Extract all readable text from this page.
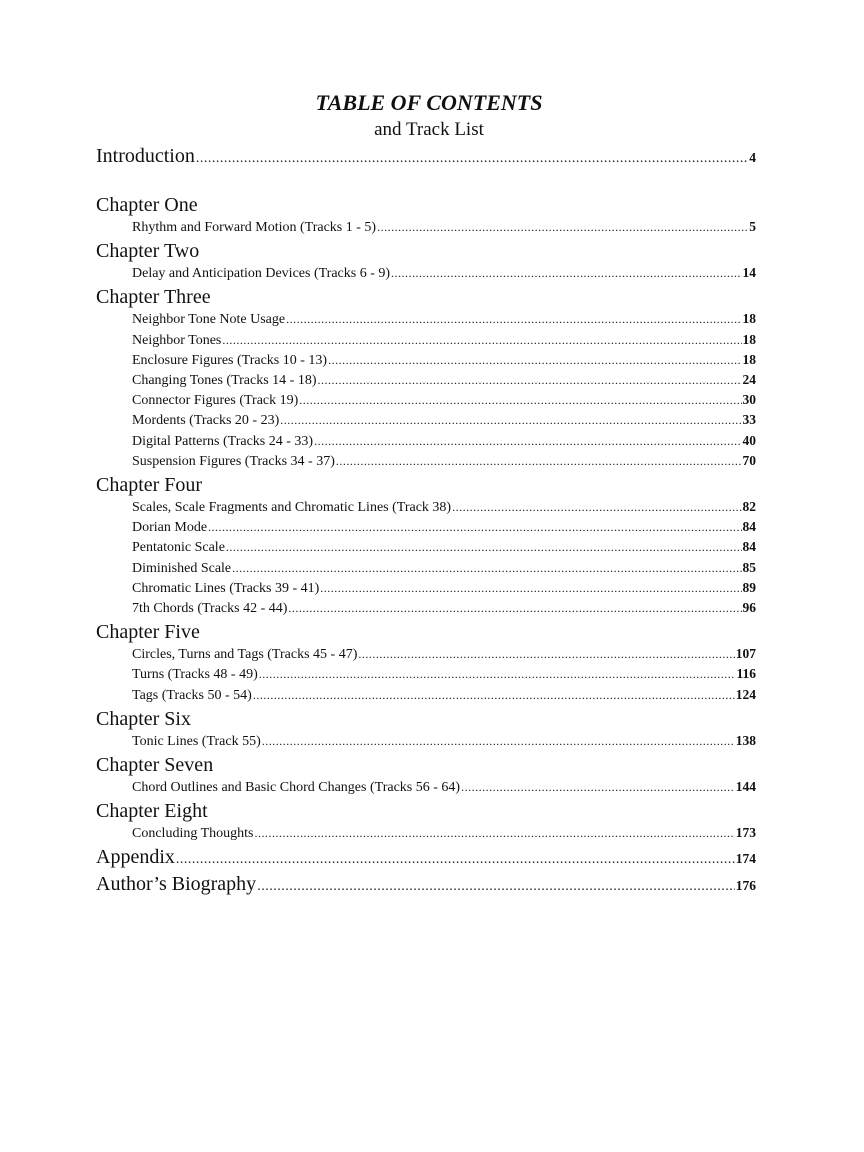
TABLE OF CONTENTS
and Track List
Introduction .....	4
Chapter One
Rhythm and Forward Motion (Tracks 1 - 5) .....	5
Chapter Two
Delay and Anticipation Devices (Tracks 6 - 9) .....	14
Chapter Three
Neighbor Tone Note Usage .....	18
Neighbor Tones .....	18
Enclosure Figures (Tracks 10 - 13) .....	18
Changing Tones (Tracks 14 - 18) .....	24
Connector Figures (Track 19) .....	30
Mordents (Tracks 20 - 23) .....	33
Digital Patterns (Tracks 24 - 33) .....	40
Suspension Figures (Tracks 34 - 37) .....	70
Chapter Four
Scales, Scale Fragments and Chromatic Lines (Track 38) .....	82
Dorian Mode .....	84
Pentatonic Scale .....	84
Diminished Scale .....	85
Chromatic Lines (Tracks 39 - 41) .....	89
7th Chords (Tracks 42 - 44) .....	96
Chapter Five
Circles, Turns and Tags (Tracks 45 - 47) .....	107
Turns (Tracks 48 - 49) .....	116
Tags (Tracks 50 - 54) .....	124
Chapter Six
Tonic Lines (Track 55) .....	138
Chapter Seven
Chord Outlines and Basic Chord Changes (Tracks 56 - 64) .....	144
Chapter Eight
Concluding Thoughts .....	173
Appendix .....	174
Author’s Biography .....	176
